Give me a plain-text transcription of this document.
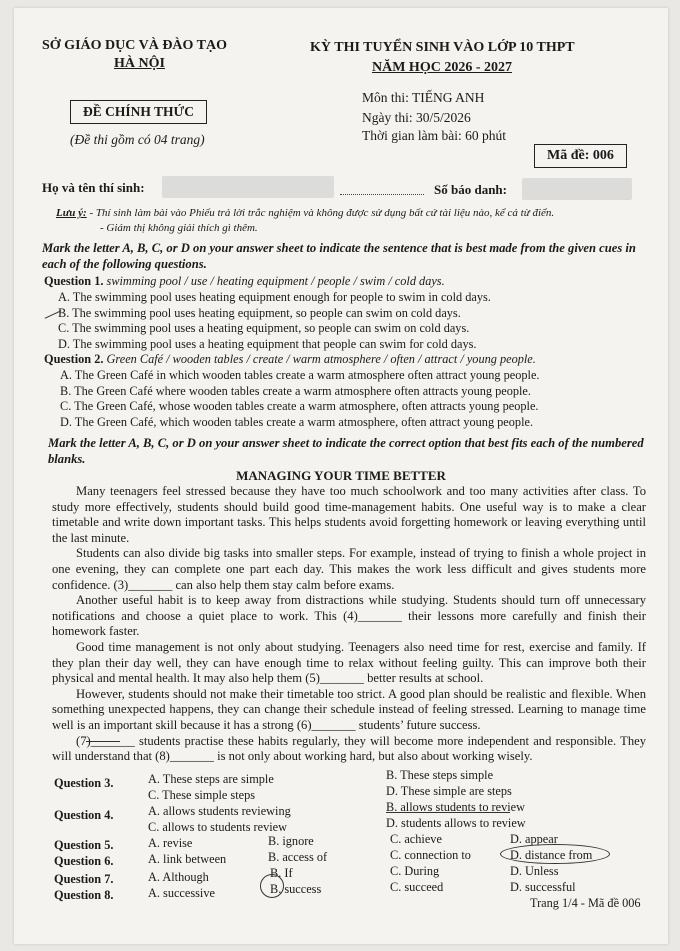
SỞ GIÁO DỤC VÀ ĐÀO TẠO
HÀ NỘI
KỲ THI TUYỂN SINH VÀO LỚP 10 THPT
NĂM HỌC 2026 - 2027
ĐỀ CHÍNH THỨC
(Đề thi gồm có 04 trang)
Môn thi: TIẾNG ANH
Ngày thi: 30/5/2026
Thời gian làm bài: 60 phút
Mã đề: 006
Họ và tên thí sinh:	Số báo danh:
Lưu ý: - Thí sinh làm bài vào Phiếu trả lời trắc nghiệm và không được sử dụng bất cứ tài liệu nào, kể cả từ điển.
- Giám thị không giải thích gì thêm.
Mark the letter A, B, C, or D on your answer sheet to indicate the sentence that is best made from the given cues in each of the following questions.
Question 1. swimming pool / use / heating equipment / people / swim / cold days.
A. The swimming pool uses heating equipment enough for people to swim in cold days.
B. The swimming pool uses heating equipment, so people can swim on cold days.
C. The swimming pool uses a heating equipment, so people can swim on cold days.
D. The swimming pool uses a heating equipment that people can swim for cold days.
Question 2. Green Café / wooden tables / create / warm atmosphere / often / attract / young people.
A. The Green Café in which wooden tables create a warm atmosphere often attract young people.
B. The Green Café where wooden tables create a warm atmosphere often attracts young people.
C. The Green Café, whose wooden tables create a warm atmosphere, often attracts young people.
D. The Green Café, which wooden tables create a warm atmosphere, often attract young people.
Mark the letter A, B, C, or D on your answer sheet to indicate the correct option that best fits each of the numbered blanks.
MANAGING YOUR TIME BETTER
Many teenagers feel stressed because they have too much schoolwork and too many activities after class. To study more effectively, students should build good time-management habits. One useful way is to make a clear timetable and write down important tasks. This helps students avoid forgetting homework or leaving everything until the last minute.
Students can also divide big tasks into smaller steps. For example, instead of trying to finish a whole project in one evening, they can complete one part each day. This makes the work less difficult and gives students more confidence. (3)_______ can also help them stay calm before exams.
Another useful habit is to keep away from distractions while studying. Students should turn off unnecessary notifications and choose a quiet place to work. This (4)_______ their lessons more carefully and finish their homework faster.
Good time management is not only about studying. Teenagers also need time for rest, exercise and family. If they plan their day well, they can have enough time to relax without feeling guilty. This can improve both their physical and mental health. It may also help them (5)_______ better results at school.
However, students should not make their timetable too strict. A good plan should be realistic and flexible. When something unexpected happens, they can change their schedule instead of feeling stressed. Learning to manage time well is an important skill because it has a strong (6)_______ students’ future success.
(7)_______ students practise these habits regularly, they will become more independent and responsible. They will understand that (8)_______ is not only about working hard, but also about working wisely.
Question 3.	A. These steps are simple	B. These steps simple
C. These simple steps	D. These simple are steps
Question 4.	A. allows students reviewing	B. allows students to review
C. allows to students review	D. students allows to review
Question 5.	A. revise	B. ignore	C. achieve	D. appear
Question 6.	A. link between	B. access of	C. connection to	D. distance from
Question 7.	A. Although	B. If	C. During	D. Unless
Question 8.	A. successive	B. success	C. succeed	D. successful
Trang 1/4 - Mã đề 006
